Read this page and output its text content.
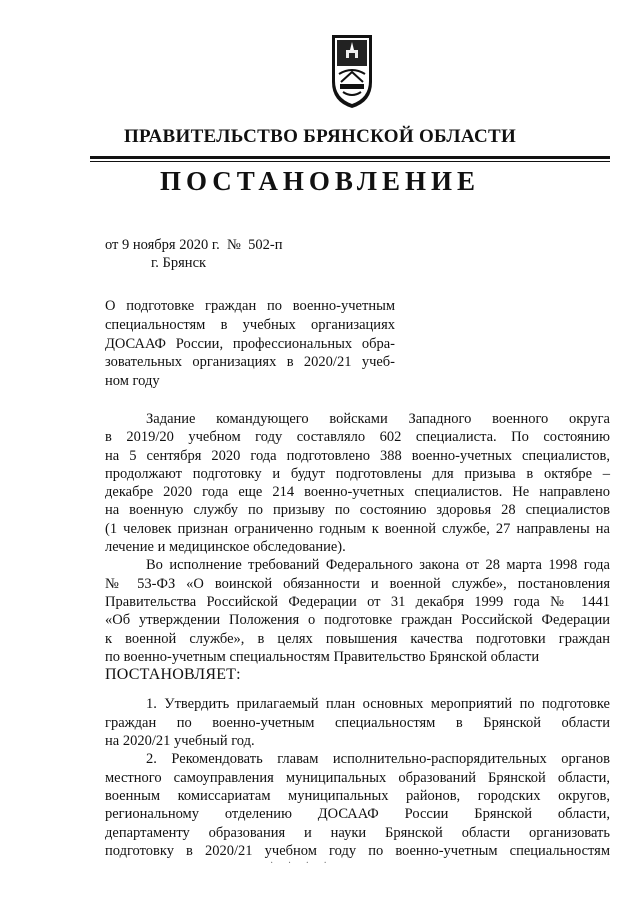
ПРАВИТЕЛЬСТВО БРЯНСКОЙ ОБЛАСТИ
ПОСТАНОВЛЕНИЕ
от 9 ноября 2020 г.  №  502-п
г. Брянск
О подготовке граждан по военно-учетным
специальностям в учебных организациях
ДОСААФ России, профессиональных обра-
зовательных организациях в 2020/21 учеб-
ном году
Задание командующего войсками Западного военного округа
в 2019/20 учебном году составляло 602 специалиста. По состоянию
на 5 сентября 2020 года подготовлено 388 военно-учетных специалистов,
продолжают подготовку и будут подготовлены для призыва в октябре –
декабре 2020 года еще 214 военно-учетных специалистов. Не направлено
на военную службу по призыву по состоянию здоровья 28 специалистов
(1 человек признан ограниченно годным к военной службе, 27 направлены на
лечение и медицинское обследование).
Во исполнение требований Федерального закона от 28 марта 1998 года
№ 53-ФЗ «О воинской обязанности и военной службе», постановления
Правительства Российской Федерации от 31 декабря 1999 года № 1441
«Об утверждении Положения о подготовке граждан Российской Федерации
к военной службе», в целях повышения качества подготовки граждан
по военно-учетным специальностям Правительство Брянской области
ПОСТАНОВЛЯЕТ:
1. Утвердить прилагаемый план основных мероприятий по подготовке
граждан по военно-учетным специальностям в Брянской области
на 2020/21 учебный год.
2. Рекомендовать главам исполнительно-распорядительных органов
местного самоуправления муниципальных образований Брянской области,
военным комиссариатам муниципальных районов, городских округов,
региональному отделению ДОСААФ России Брянской области,
департаменту образования и науки Брянской области организовать
подготовку в 2020/21 учебном году по военно-учетным специальностям
· · · ·
